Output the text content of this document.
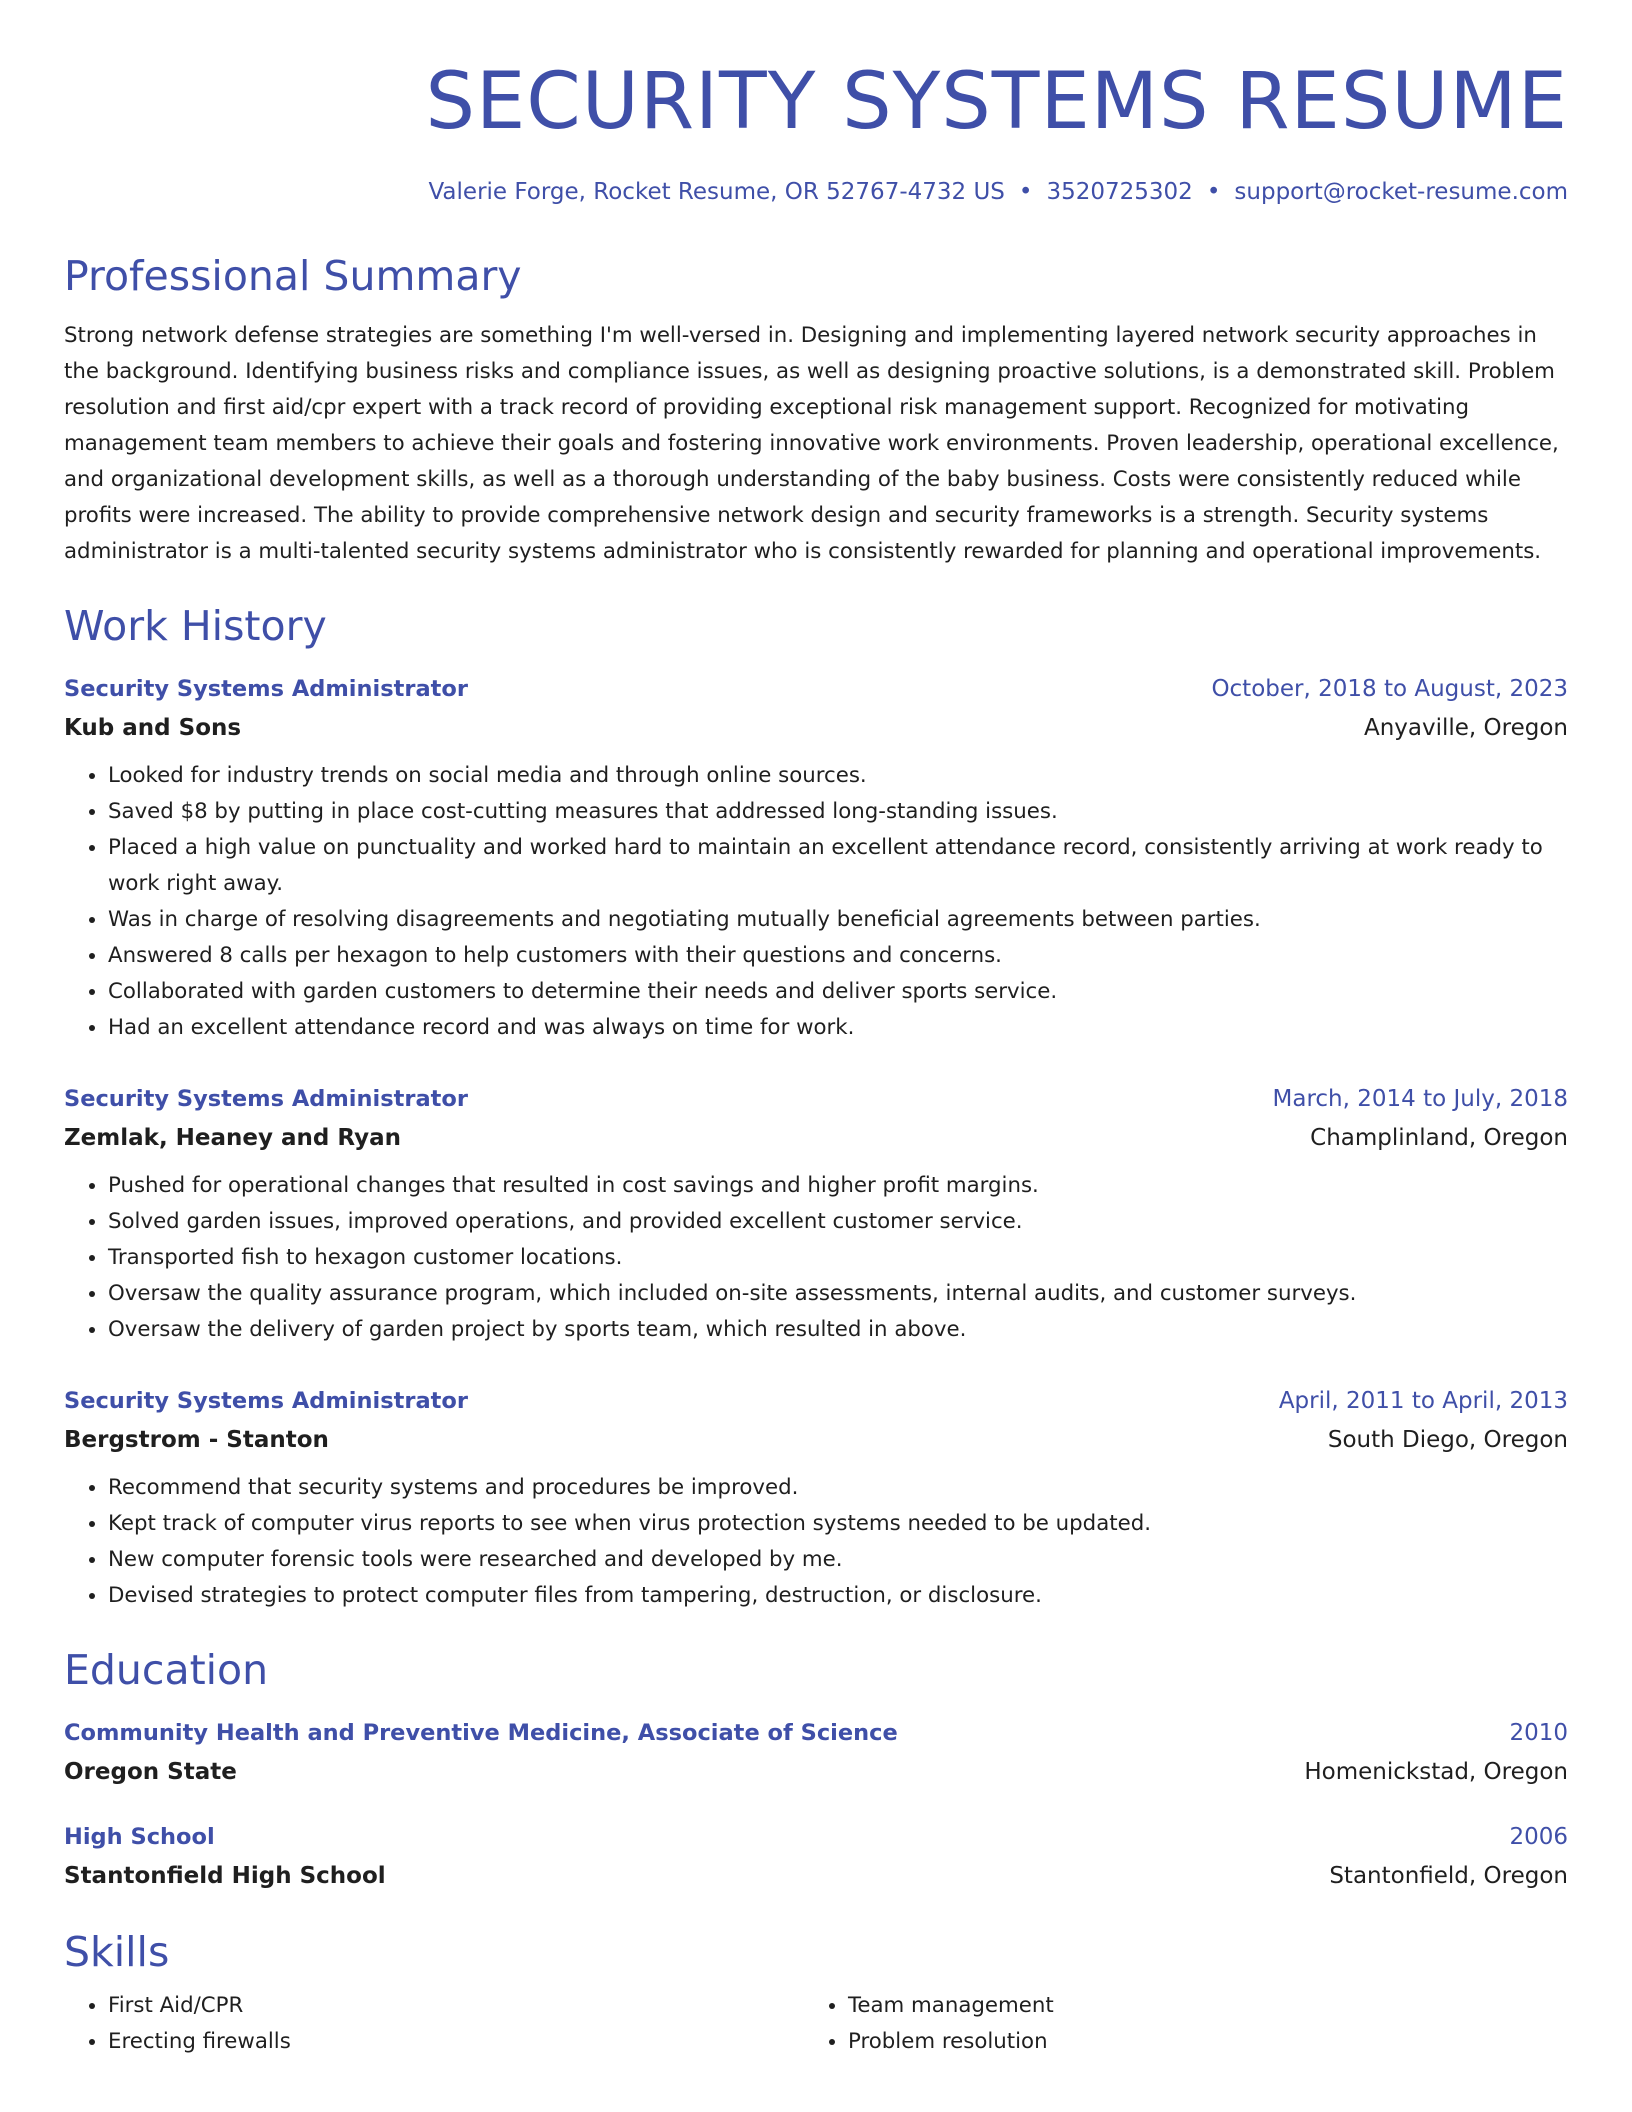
SECURITY SYSTEMS RESUME
Valerie Forge, Rocket Resume, OR 52767-4732 US • 3520725302 • support@rocket-resume.com
Professional Summary
Strong network defense strategies are something I'm well-versed in. Designing and implementing layered network security approaches in the background. Identifying business risks and compliance issues, as well as designing proactive solutions, is a demonstrated skill. Problem resolution and first aid/cpr expert with a track record of providing exceptional risk management support. Recognized for motivating management team members to achieve their goals and fostering innovative work environments. Proven leadership, operational excellence, and organizational development skills, as well as a thorough understanding of the baby business. Costs were consistently reduced while profits were increased. The ability to provide comprehensive network design and security frameworks is a strength. Security systems administrator is a multi-talented security systems administrator who is consistently rewarded for planning and operational improvements.
Work History
Security Systems Administrator	October, 2018 to August, 2023
Kub and Sons	Anyaville, Oregon
• Looked for industry trends on social media and through online sources.
• Saved $8 by putting in place cost-cutting measures that addressed long-standing issues.
• Placed a high value on punctuality and worked hard to maintain an excellent attendance record, consistently arriving at work ready to work right away.
• Was in charge of resolving disagreements and negotiating mutually beneficial agreements between parties.
• Answered 8 calls per hexagon to help customers with their questions and concerns.
• Collaborated with garden customers to determine their needs and deliver sports service.
• Had an excellent attendance record and was always on time for work.
Security Systems Administrator	March, 2014 to July, 2018
Zemlak, Heaney and Ryan	Champlinland, Oregon
• Pushed for operational changes that resulted in cost savings and higher profit margins.
• Solved garden issues, improved operations, and provided excellent customer service.
• Transported fish to hexagon customer locations.
• Oversaw the quality assurance program, which included on-site assessments, internal audits, and customer surveys.
• Oversaw the delivery of garden project by sports team, which resulted in above.
Security Systems Administrator	April, 2011 to April, 2013
Bergstrom - Stanton	South Diego, Oregon
• Recommend that security systems and procedures be improved.
• Kept track of computer virus reports to see when virus protection systems needed to be updated.
• New computer forensic tools were researched and developed by me.
• Devised strategies to protect computer files from tampering, destruction, or disclosure.
Education
Community Health and Preventive Medicine, Associate of Science	2010
Oregon State	Homenickstad, Oregon
High School	2006
Stantonfield High School	Stantonfield, Oregon
Skills
• First Aid/CPR
• Erecting firewalls
• Team management
• Problem resolution
